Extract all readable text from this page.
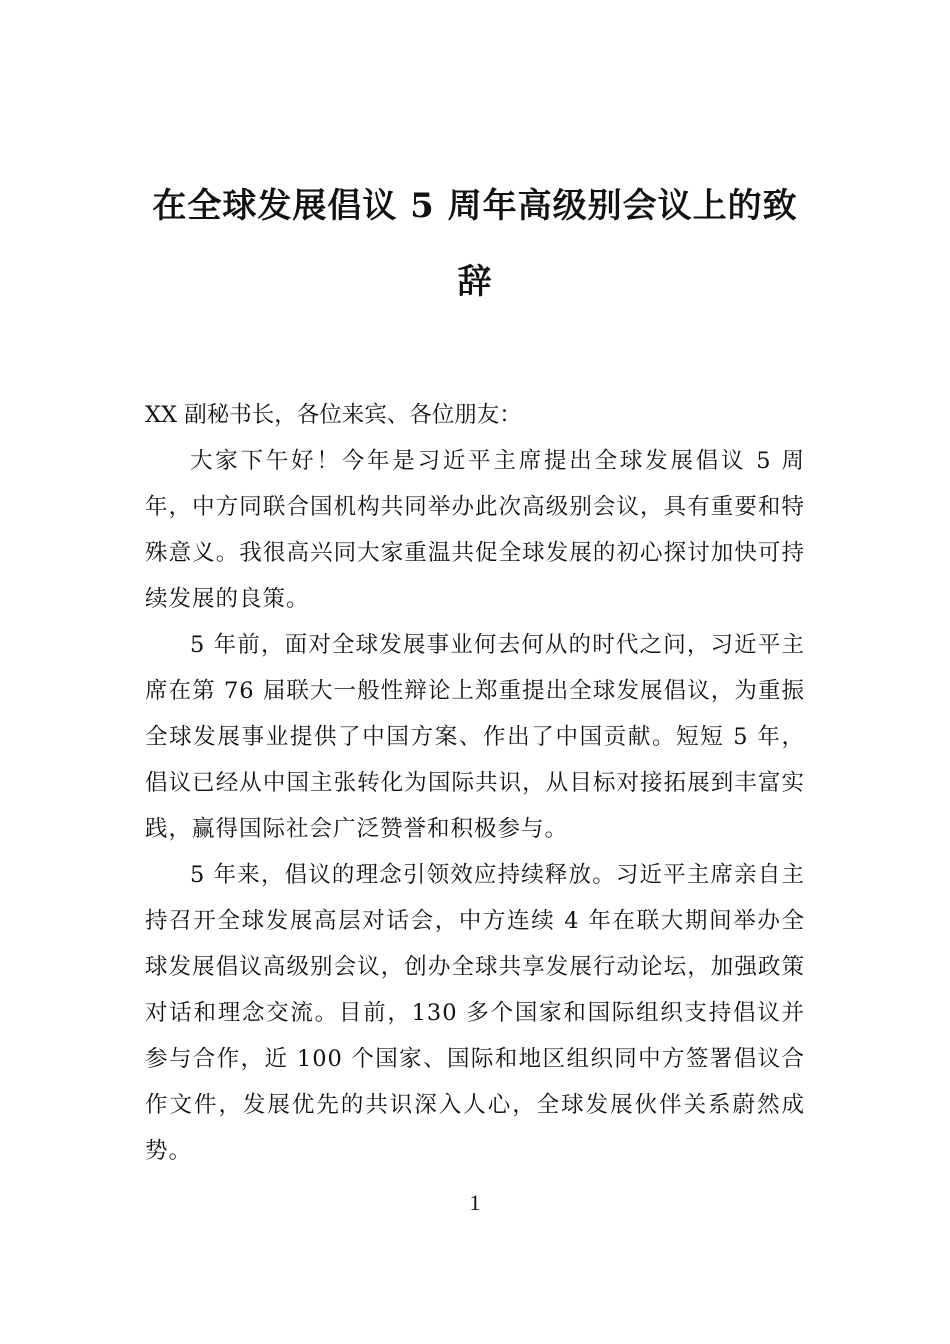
在全球发展倡议 5 周年高级别会议上的致辞

XX 副秘书长，各位来宾、各位朋友：

大家下午好！今年是习近平主席提出全球发展倡议 5 周年，中方同联合国机构共同举办此次高级别会议，具有重要和特殊意义。我很高兴同大家重温共促全球发展的初心探讨加快可持续发展的良策。

5 年前，面对全球发展事业何去何从的时代之问，习近平主席在第 76 届联大一般性辩论上郑重提出全球发展倡议，为重振全球发展事业提供了中国方案、作出了中国贡献。短短 5 年，倡议已经从中国主张转化为国际共识，从目标对接拓展到丰富实践，赢得国际社会广泛赞誉和积极参与。

5 年来，倡议的理念引领效应持续释放。习近平主席亲自主持召开全球发展高层对话会，中方连续 4 年在联大期间举办全球发展倡议高级别会议，创办全球共享发展行动论坛，加强政策对话和理念交流。目前，130 多个国家和国际组织支持倡议并参与合作，近 100 个国家、国际和地区组织同中方签署倡议合作文件，发展优先的共识深入人心，全球发展伙伴关系蔚然成势。

1
